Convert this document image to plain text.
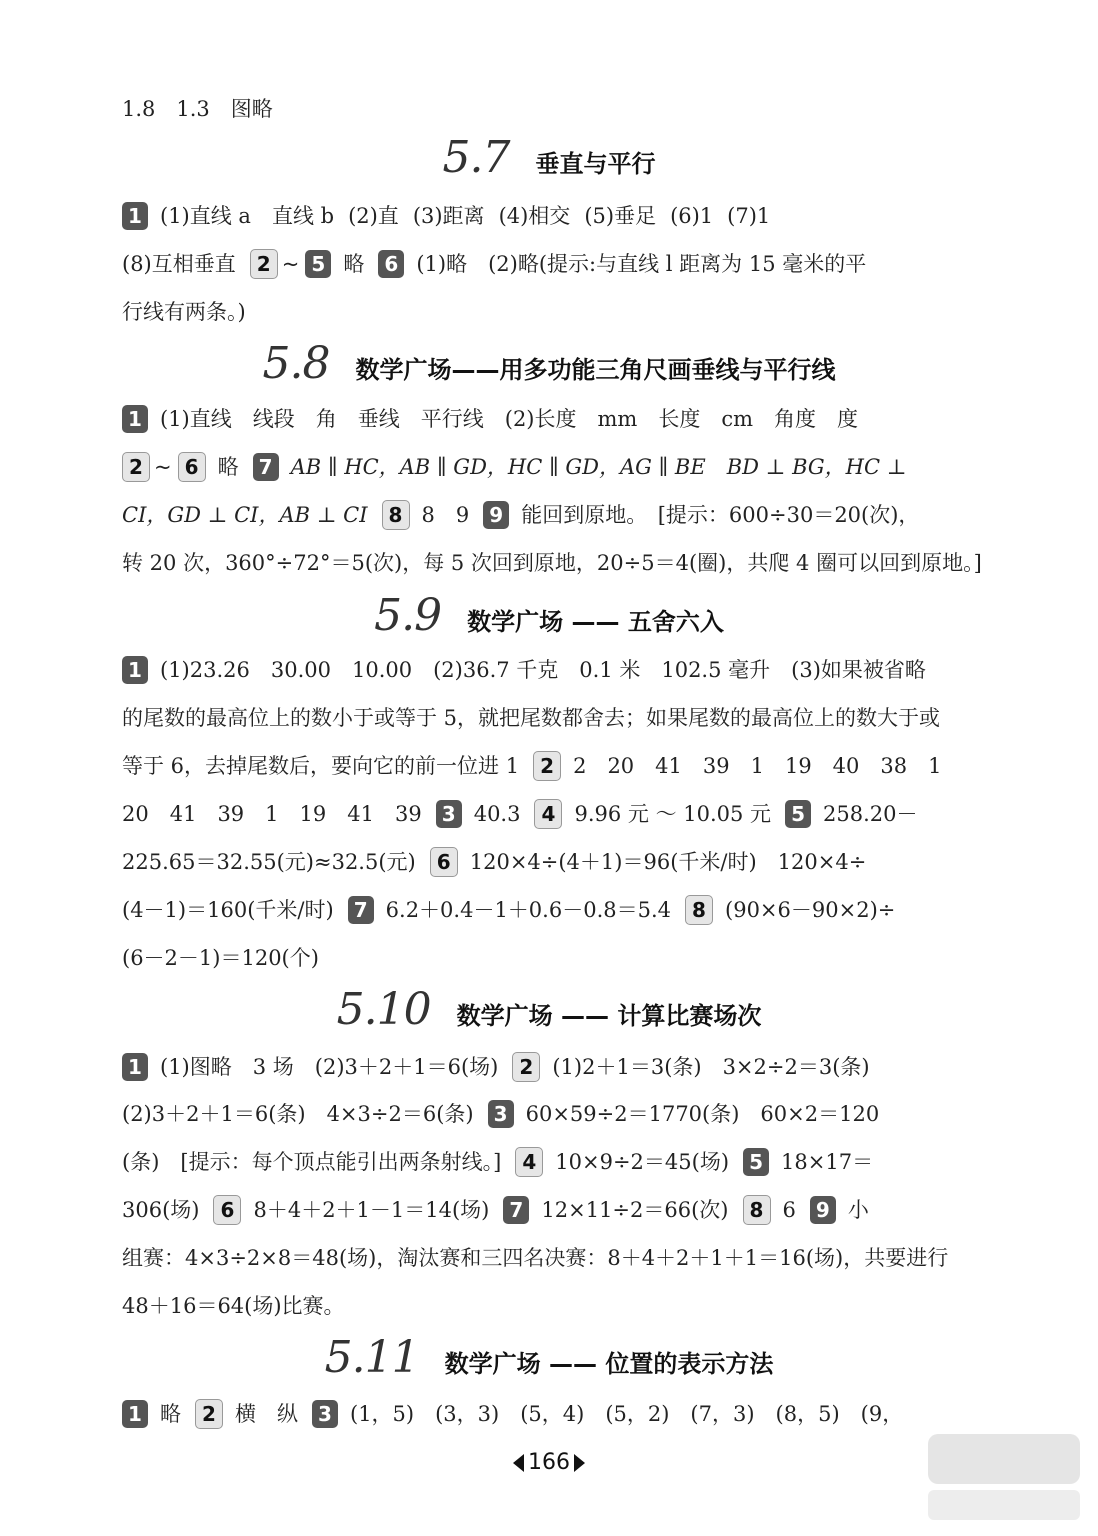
1.8　1.3　图略
5.7 垂直与平行
1 (1)直线 a　直线 b (2)直 (3)距离 (4)相交 (5)垂足 (6)1 (7)1
(8)互相垂直	2 ~ 5 略	6 (1)略　(2)略(提示:与直线 l 距离为 15 毫米的平
行线有两条。)
5.8 数学广场——用多功能三角尺画垂线与平行线
1 (1)直线　线段　角　垂线　平行线　(2)长度　mm　长度　cm　角度　度
2 ~ 6 略	7 AB ∥ HC，AB ∥ GD，HC ∥ GD，AG ∥ BE　BD ⊥ BG，HC ⊥
CI，GD ⊥ CI，AB ⊥ CI	8 8　9	9 能回到原地。　[提示：600÷30＝20(次)，
转 20 次，360°÷72°＝5(次)，每 5 次回到原地，20÷5＝4(圈)，共爬 4 圈可以回到原地。]
5.9 数学广场 —— 五舍六入
1 (1)23.26　30.00　10.00　(2)36.7 千克　0.1 米　102.5 毫升　(3)如果被省略
的尾数的最高位上的数小于或等于 5，就把尾数都舍去；如果尾数的最高位上的数大于或
等于 6，去掉尾数后，要向它的前一位进 1	2 2　20　41　39　1　19　40　38　1
20　41　39　1　19　41　39	3 40.3	4 9.96 元 ～ 10.05 元	5 258.20－
225.65＝32.55(元)≈32.5(元)	6 120×4÷(4＋1)＝96(千米/时)　120×4÷
(4－1)＝160(千米/时)	7 6.2＋0.4－1＋0.6－0.8＝5.4	8 (90×6－90×2)÷
(6－2－1)＝120(个)
5.10 数学广场 —— 计算比赛场次
1 (1)图略　3 场　(2)3＋2＋1＝6(场)	2 (1)2＋1＝3(条)　3×2÷2＝3(条)
(2)3＋2＋1＝6(条)　4×3÷2＝6(条)	3 60×59÷2＝1770(条)　60×2＝120
(条)　[提示：每个顶点能引出两条射线。]	4 10×9÷2＝45(场)	5 18×17＝
306(场)	6 8＋4＋2＋1－1＝14(场)	7 12×11÷2＝66(次)	8 6	9 小
组赛：4×3÷2×8＝48(场)，淘汰赛和三四名决赛：8＋4＋2＋1＋1＝16(场)，共要进行
48＋16＝64(场)比赛。
5.11 数学广场 —— 位置的表示方法
1 略	2 横　纵	3 (1，5)　(3，3)　(5，4)　(5，2)　(7，3)　(8，5)　(9，
166
